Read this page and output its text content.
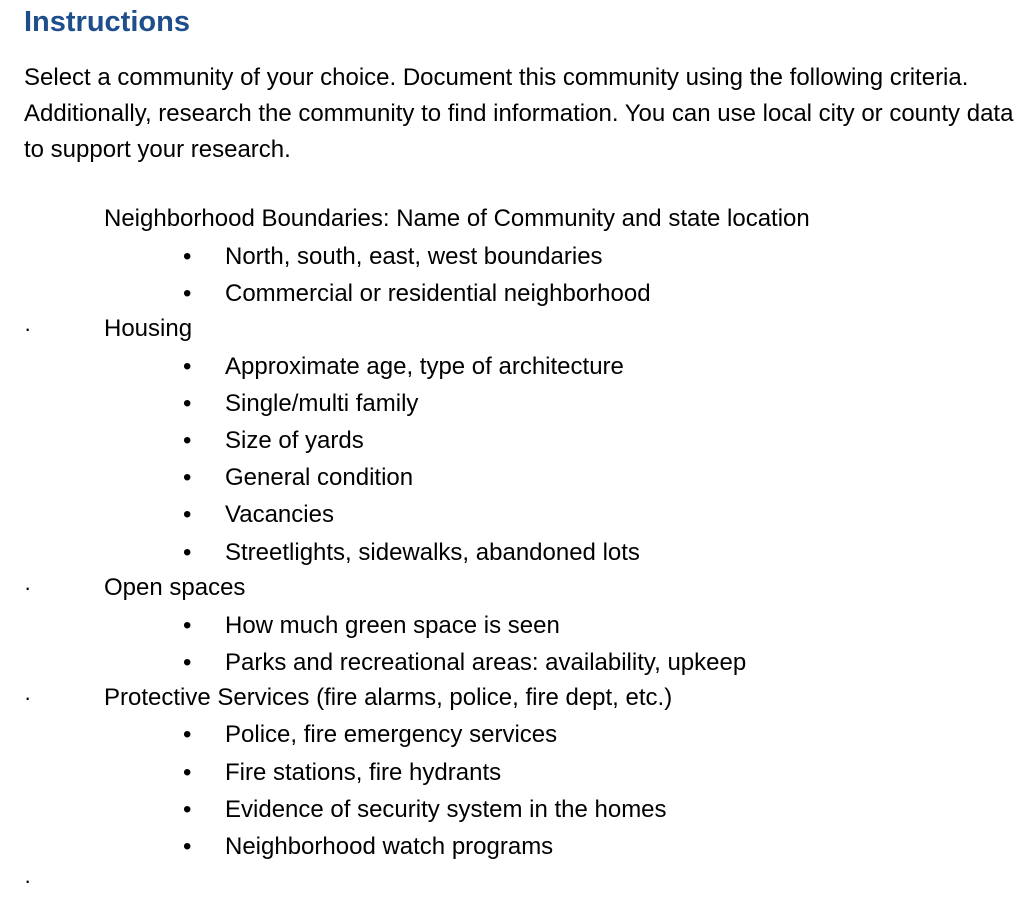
Instructions

Select a community of your choice. Document this community using the following criteria. Additionally, research the community to find information. You can use local city or county data to support your research.

Neighborhood Boundaries: Name of Community and state location
• North, south, east, west boundaries
• Commercial or residential neighborhood
·	Housing
• Approximate age, type of architecture
• Single/multi family
• Size of yards
• General condition
• Vacancies
• Streetlights, sidewalks, abandoned lots
·	Open spaces
• How much green space is seen
• Parks and recreational areas: availability, upkeep
·	Protective Services (fire alarms, police, fire dept, etc.)
• Police, fire emergency services
• Fire stations, fire hydrants
• Evidence of security system in the homes
• Neighborhood watch programs
·
